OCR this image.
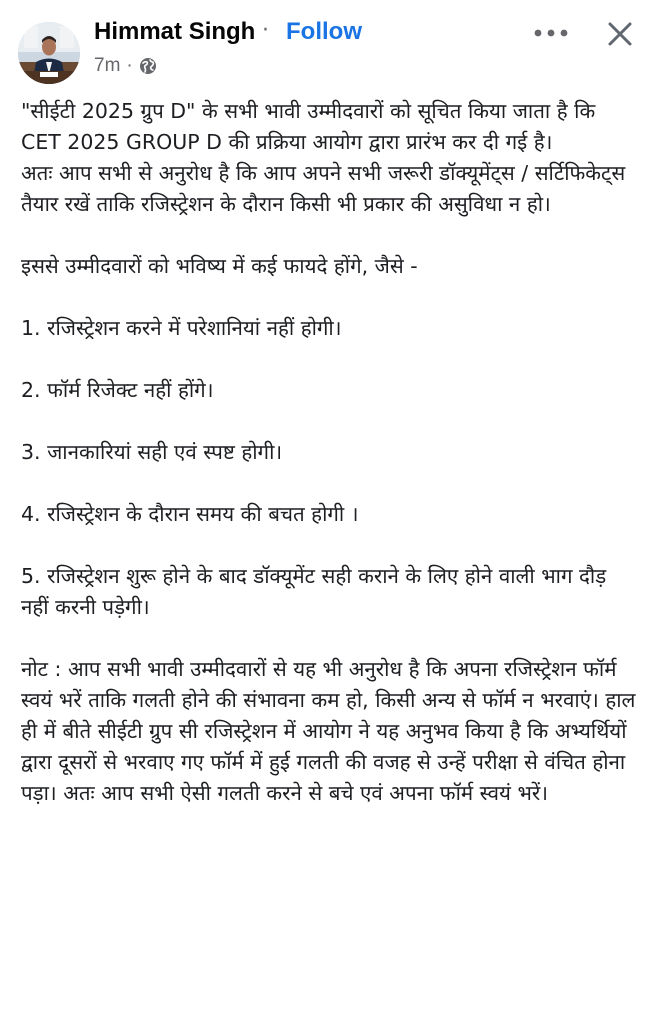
Himmat Singh · Follow
7m ·

"सीईटी 2025 ग्रुप D" के सभी भावी उम्मीदवारों को सूचित किया जाता है कि CET 2025 GROUP D की प्रक्रिया आयोग द्वारा प्रारंभ कर दी गई है।

अतः आप सभी से अनुरोध है कि आप अपने सभी जरूरी डॉक्यूमेंट्स / सर्टिफिकेट्स तैयार रखें ताकि रजिस्ट्रेशन के दौरान किसी भी प्रकार की असुविधा न हो।

इससे उम्मीदवारों को भविष्य में कई फायदे होंगे, जैसे -

1. रजिस्ट्रेशन करने में परेशानियां नहीं होगी।

2. फॉर्म रिजेक्ट नहीं होंगे।

3. जानकारियां सही एवं स्पष्ट होगी।

4. रजिस्ट्रेशन के दौरान समय की बचत होगी ।

5. रजिस्ट्रेशन शुरू होने के बाद डॉक्यूमेंट सही कराने के लिए होने वाली भाग दौड़ नहीं करनी पड़ेगी।

नोट : आप सभी भावी उम्मीदवारों से यह भी अनुरोध है कि अपना रजिस्ट्रेशन फॉर्म स्वयं भरें ताकि गलती होने की संभावना कम हो, किसी अन्य से फॉर्म न भरवाएं। हाल ही में बीते सीईटी ग्रुप सी रजिस्ट्रेशन में आयोग ने यह अनुभव किया है कि अभ्यर्थियों द्वारा दूसरों से भरवाए गए फॉर्म में हुई गलती की वजह से उन्हें परीक्षा से वंचित होना पड़ा। अतः आप सभी ऐसी गलती करने से बचे एवं अपना फॉर्म स्वयं भरें।
